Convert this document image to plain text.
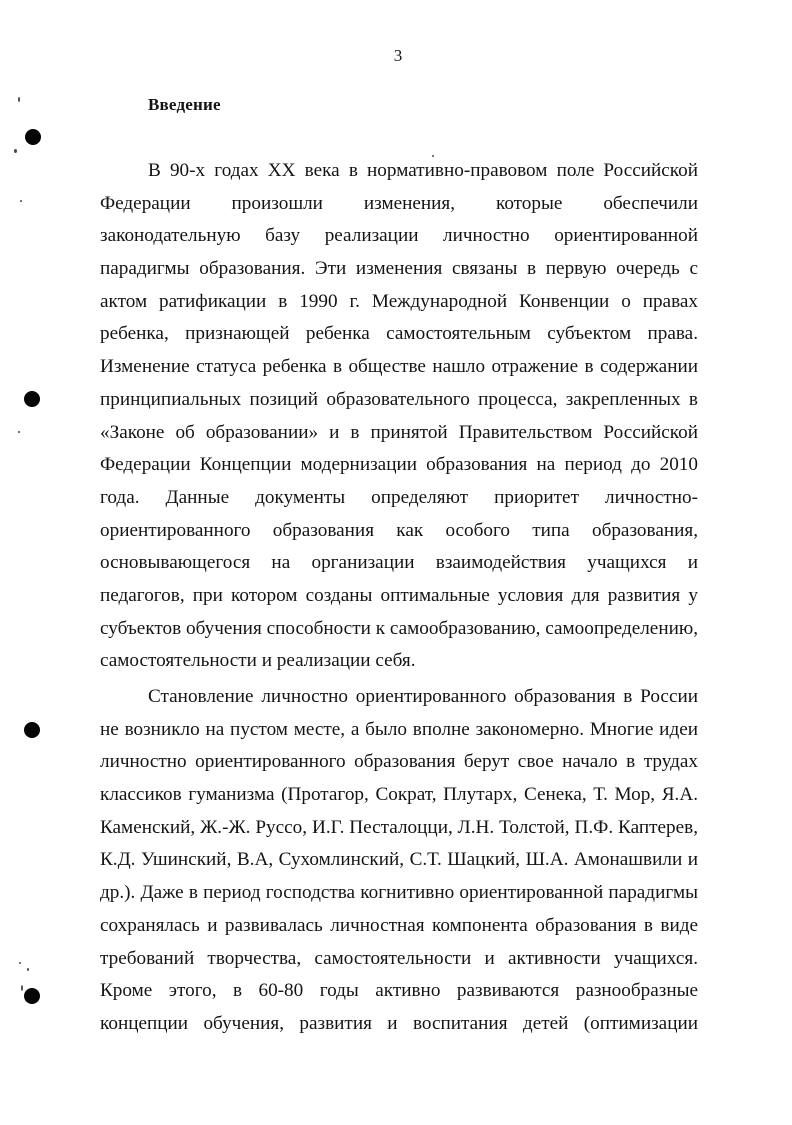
3
Введение
В 90-х годах XX века в нормативно-правовом поле Российской
Федерации произошли изменения, которые обеспечили
законодательную базу реализации личностно ориентированной
парадигмы образования. Эти изменения связаны в первую очередь с
актом ратификации в 1990 г. Международной Конвенции о правах
ребенка, признающей ребенка самостоятельным субъектом права.
Изменение статуса ребенка в обществе нашло отражение в содержании
принципиальных позиций образовательного процесса, закрепленных в
«Законе об образовании» и в принятой Правительством Российской
Федерации Концепции модернизации образования на период до 2010
года. Данные документы определяют приоритет личностно-
ориентированного образования как особого типа образования,
основывающегося на организации взаимодействия учащихся и
педагогов, при котором созданы оптимальные условия для развития у
субъектов обучения способности к самообразованию, самоопределению,
самостоятельности и реализации себя.
Становление личностно ориентированного образования в России
не возникло на пустом месте, а было вполне закономерно. Многие идеи
личностно ориентированного образования берут свое начало в трудах
классиков гуманизма (Протагор, Сократ, Плутарх, Сенека, Т. Мор, Я.А.
Каменский, Ж.-Ж. Руссо, И.Г. Песталоцци, Л.Н. Толстой, П.Ф. Каптерев,
К.Д. Ушинский, В.А, Сухомлинский, С.Т. Шацкий, Ш.А. Амонашвили и
др.). Даже в период господства когнитивно ориентированной парадигмы
сохранялась и развивалась личностная компонента образования в виде
требований творчества, самостоятельности и активности учащихся.
Кроме этого, в 60-80 годы активно развиваются разнообразные
концепции обучения, развития и воспитания детей (оптимизации
